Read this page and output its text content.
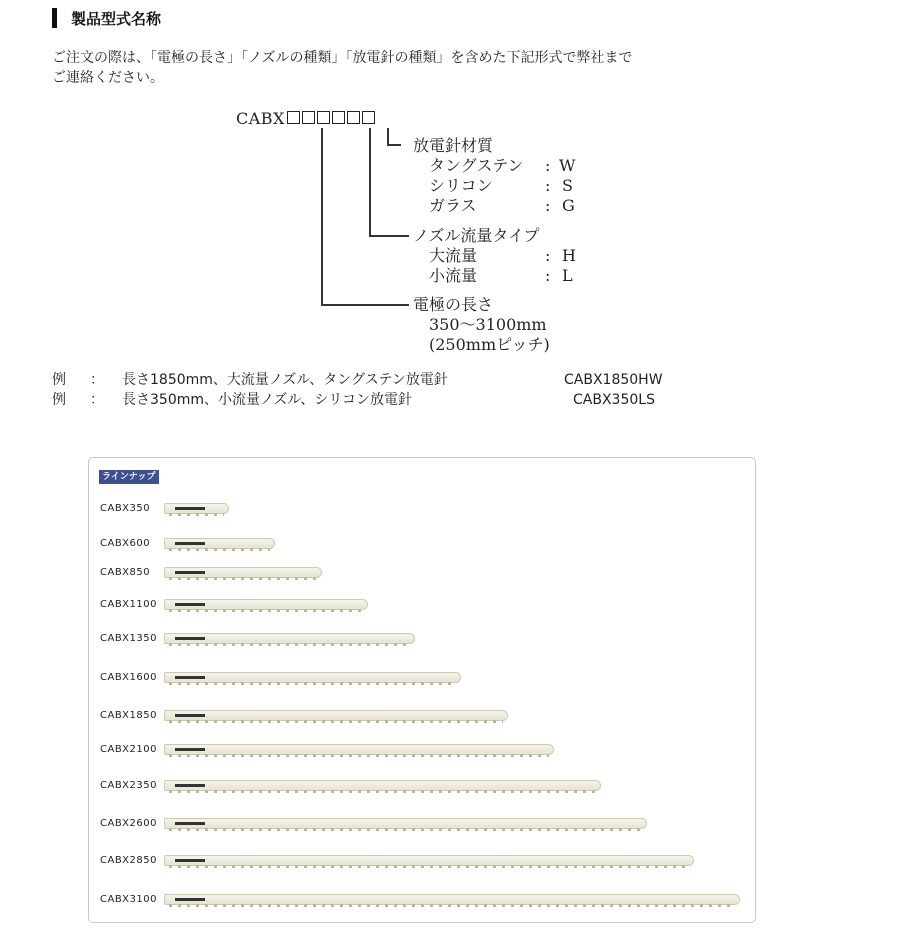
製品型式名称
ご注文の際は、「電極の長さ」「ノズルの種類」「放電針の種類」を含めた下記形式で弊社まで
ご連絡ください。
CABX
放電針材質
タングステン : W
シリコン	: S
ガラス	: G
ノズル流量タイプ
大流量	: H
小流量	: L
電極の長さ
350～3100mm
(250mmピッチ)
例 ： 長さ1850mm、大流量ノズル、タングステン放電針	CABX1850HW
例 ： 長さ350mm、小流量ノズル、シリコン放電針	CABX350LS
ラインナップ
CABX350
CABX600
CABX850
CABX1100
CABX1350
CABX1600
CABX1850
CABX2100
CABX2350
CABX2600
CABX2850
CABX3100
